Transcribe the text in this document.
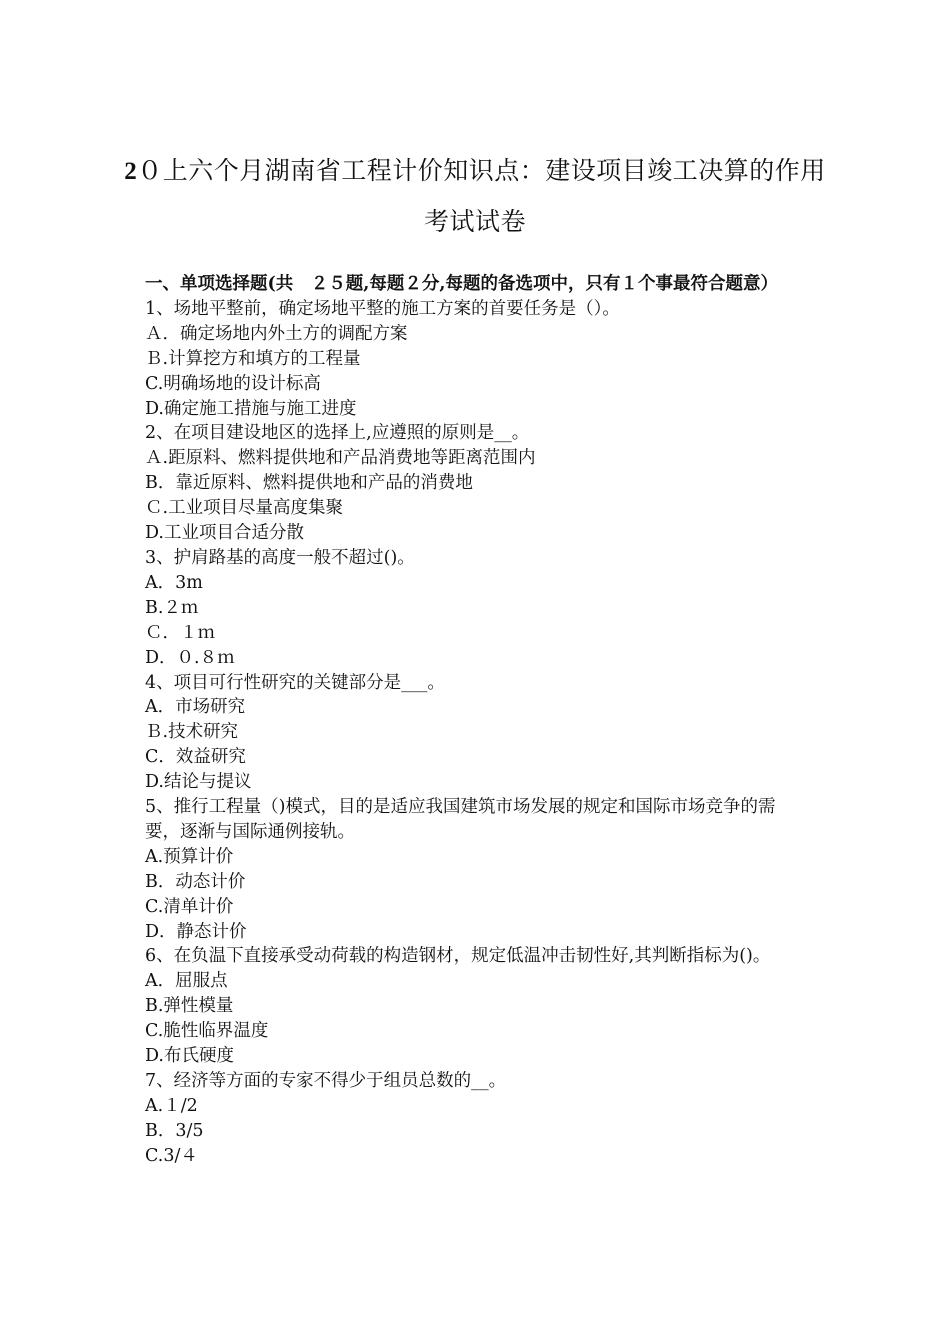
2０上六个月湖南省工程计价知识点：建设项目竣工决算的作用考试试卷
一、单项选择题(共　２５题,每题２分,每题的备选项中，只有１个事最符合题意）
1、场地平整前，确定场地平整的施工方案的首要任务是（）。
Ａ．确定场地内外土方的调配方案
Ｂ.计算挖方和填方的工程量
C.明确场地的设计标高
D.确定施工措施与施工进度
2、在项目建设地区的选择上,应遵照的原则是__。
Ａ.距原料、燃料提供地和产品消费地等距离范围内
B．靠近原料、燃料提供地和产品的消费地
Ｃ.工业项目尽量高度集聚
D.工业项目合适分散
3、护肩路基的高度一般不超过()。
A．3m
B.２ｍ
Ｃ．１ｍ
D．０.８ｍ
4、项目可行性研究的关键部分是___。
A．市场研究
Ｂ.技术研究
C．效益研究
D.结论与提议
5、推行工程量（)模式，目的是适应我国建筑市场发展的规定和国际市场竞争的需要，逐渐与国际通例接轨。
A.预算计价
B．动态计价
C.清单计价
D．静态计价
6、在负温下直接承受动荷载的构造钢材，规定低温冲击韧性好,其判断指标为()。
A．屈服点
B.弹性模量
C.脆性临界温度
D.布氏硬度
7、经济等方面的专家不得少于组员总数的__。
A.１/2
B．3/5
C.3/４
